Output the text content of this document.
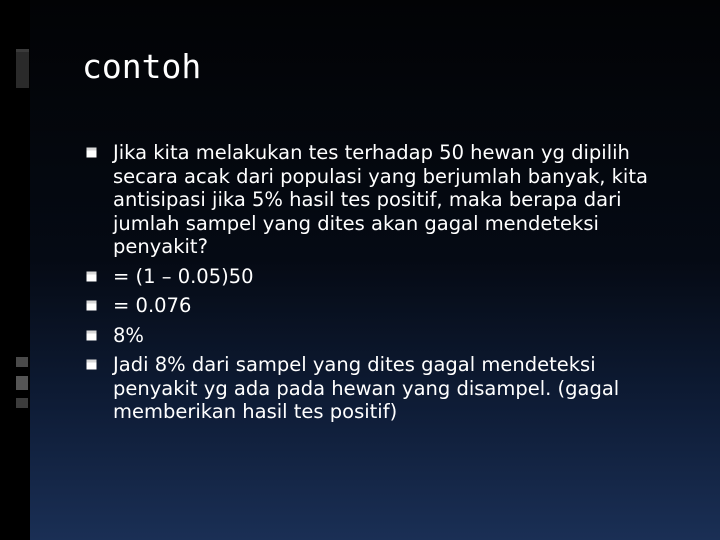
contoh
Jika kita melakukan tes terhadap 50 hewan yg dipilih secara acak dari populasi yang berjumlah banyak, kita antisipasi jika 5% hasil tes positif, maka berapa dari jumlah sampel yang dites akan gagal mendeteksi penyakit?
= (1 – 0.05)50
= 0.076
8%
Jadi 8% dari sampel yang dites gagal mendeteksi penyakit yg ada pada hewan yang disampel. (gagal memberikan hasil tes positif)
